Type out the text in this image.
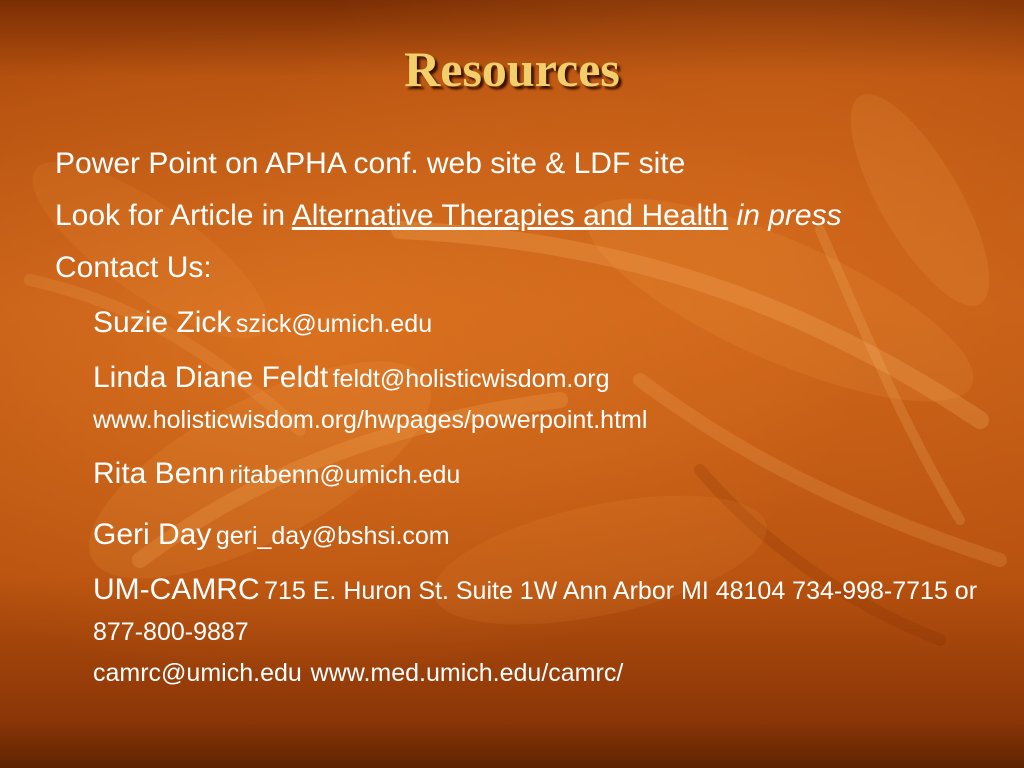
Resources

Power Point on APHA conf. web site & LDF site

Look for Article in Alternative Therapies and Health in press

Contact Us:

Suzie Zick szick@umich.edu
Linda Diane Feldt feldt@holisticwisdom.org
www.holisticwisdom.org/hwpages/powerpoint.html
Rita Benn ritabenn@umich.edu
Geri Day geri_day@bshsi.com
UM-CAMRC 715 E. Huron St. Suite 1W Ann Arbor MI 48104 734-998-7715 or 877-800-9887
camrc@umich.edu www.med.umich.edu/camrc/
